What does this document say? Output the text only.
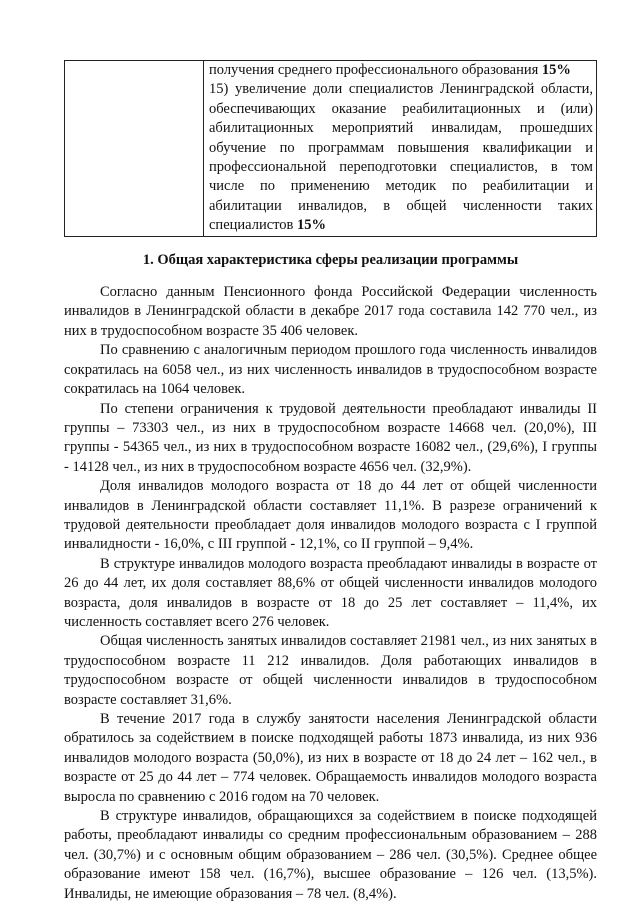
получения среднего профессионального образования 15%
15) увеличение доли специалистов Ленинградской области, обеспечивающих оказание реабилитационных и (или) абилитационных мероприятий инвалидам, прошедших обучение по программам повышения квалификации и профессиональной переподготовки специалистов, в том числе по применению методик по реабилитации и абилитации инвалидов, в общей численности таких специалистов 15%
1. Общая характеристика сферы реализации программы

Согласно данным Пенсионного фонда Российской Федерации численность инвалидов в Ленинградской области в декабре 2017 года составила 142 770 чел., из них в трудоспособном возрасте 35 406 человек.

По сравнению с аналогичным периодом прошлого года численность инвалидов сократилась на 6058 чел., из них численность инвалидов в трудоспособном возрасте сократилась на 1064 человек.

По степени ограничения к трудовой деятельности преобладают инвалиды II группы – 73303 чел., из них в трудоспособном возрасте 14668 чел. (20,0%), III группы - 54365 чел., из них в трудоспособном возрасте 16082 чел., (29,6%), I группы - 14128 чел., из них в трудоспособном возрасте 4656 чел. (32,9%).

Доля инвалидов молодого возраста от 18 до 44 лет от общей численности инвалидов в Ленинградской области составляет 11,1%. В разрезе ограничений к трудовой деятельности преобладает доля инвалидов молодого возраста с I группой инвалидности - 16,0%, с III группой - 12,1%, со II группой – 9,4%.

В структуре инвалидов молодого возраста преобладают инвалиды в возрасте от 26 до 44 лет, их доля составляет 88,6% от общей численности инвалидов молодого возраста, доля инвалидов в возрасте от 18 до 25 лет составляет – 11,4%, их численность составляет всего 276 человек.

Общая численность занятых инвалидов составляет 21981 чел., из них занятых в трудоспособном возрасте 11 212 инвалидов. Доля работающих инвалидов в трудоспособном возрасте от общей численности инвалидов в трудоспособном возрасте составляет 31,6%.

В течение 2017 года в службу занятости населения Ленинградской области обратилось за содействием в поиске подходящей работы 1873 инвалида, из них 936 инвалидов молодого возраста (50,0%), из них в возрасте от 18 до 24 лет – 162 чел., в возрасте от 25 до 44 лет – 774 человек. Обращаемость инвалидов молодого возраста выросла по сравнению с 2016 годом на 70 человек.

В структуре инвалидов, обращающихся за содействием в поиске подходящей работы, преобладают инвалиды со средним профессиональным образованием – 288 чел. (30,7%) и с основным общим образованием – 286 чел. (30,5%). Среднее общее образование имеют 158 чел. (16,7%), высшее образование – 126 чел. (13,5%). Инвалиды, не имеющие образования – 78 чел. (8,4%).
